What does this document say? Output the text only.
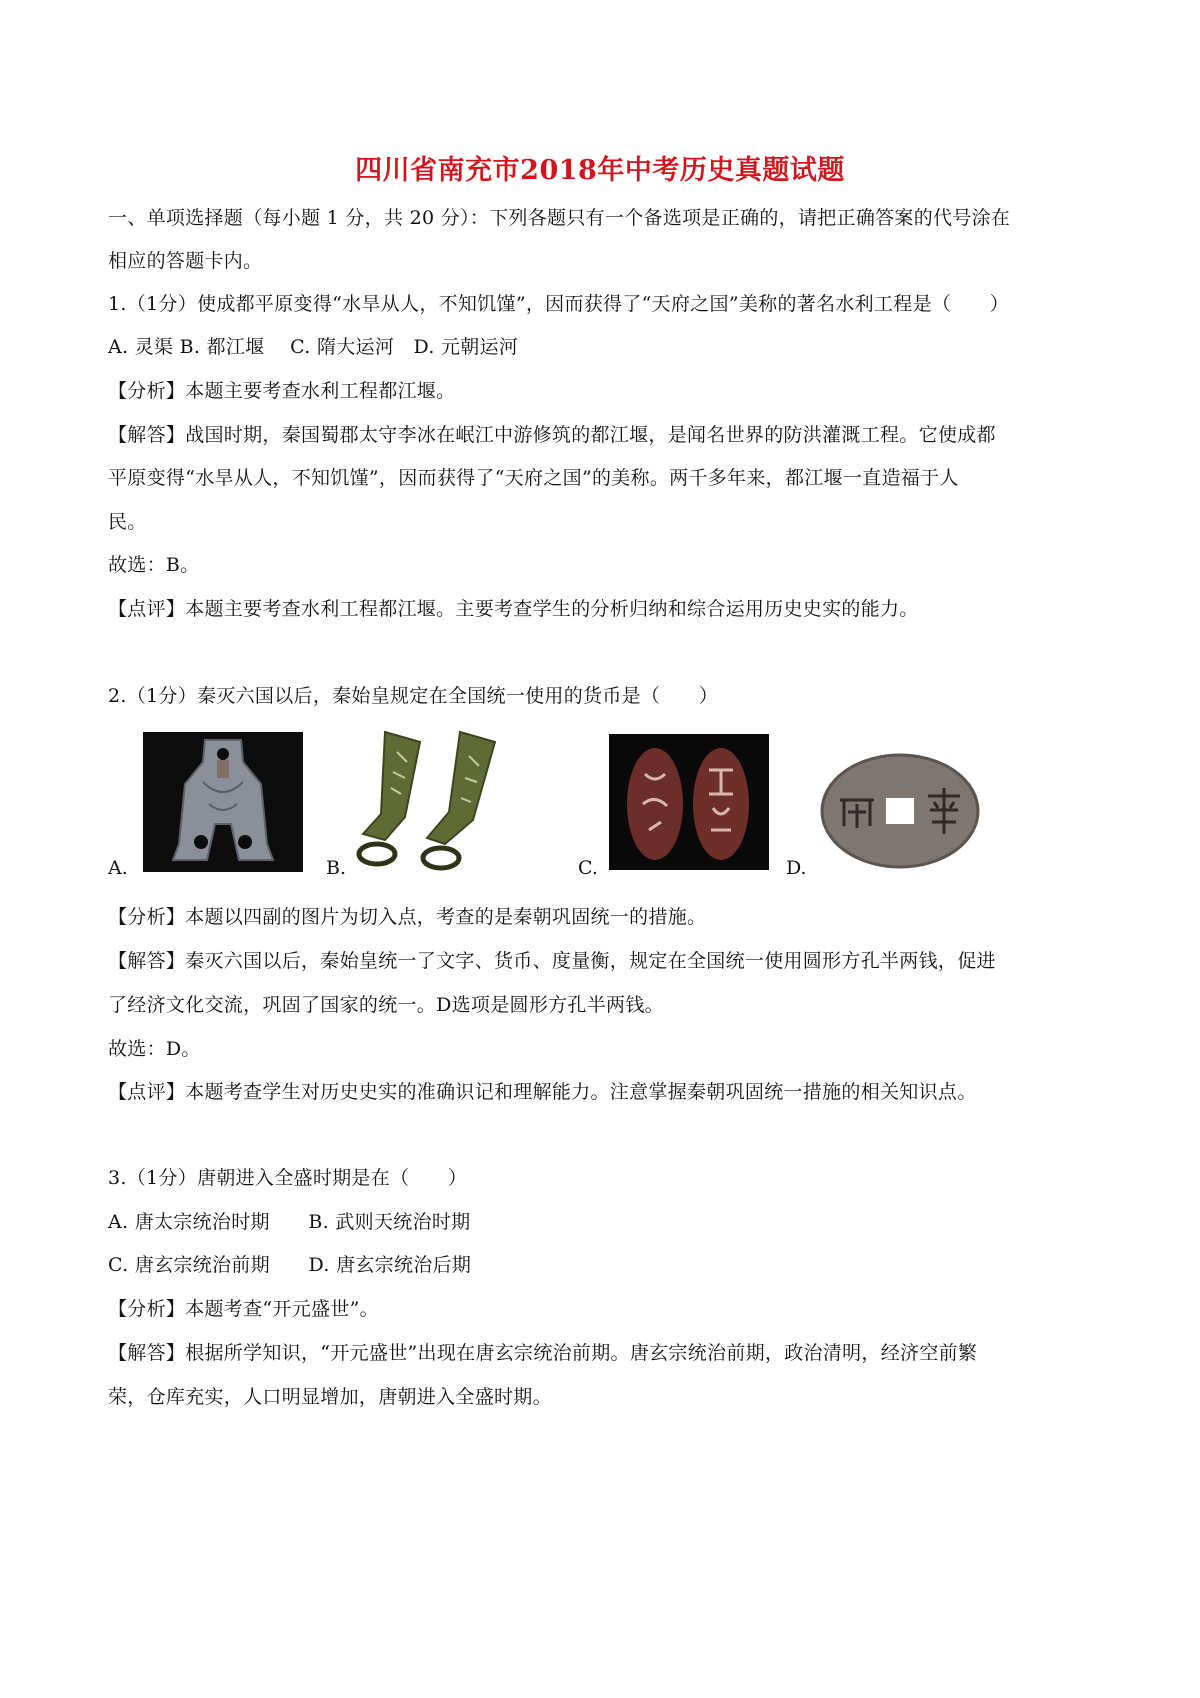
四川省南充市2018年中考历史真题试题
一、单项选择题（每小题 1 分，共 20 分）：下列各题只有一个备选项是正确的，请把正确答案的代号涂在
相应的答题卡内。
1.（1分）使成都平原变得“水旱从人，不知饥馑”，因而获得了“天府之国”美称的著名水利工程是（　　）
A. 灵渠 B. 都江堰　 C. 隋大运河　D. 元朝运河
【分析】本题主要考查水利工程都江堰。
【解答】战国时期，秦国蜀郡太守李冰在岷江中游修筑的都江堰，是闻名世界的防洪灌溉工程。它使成都
平原变得“水旱从人，不知饥馑”，因而获得了“天府之国”的美称。两千多年来，都江堰一直造福于人
民。
故选：B。
【点评】本题主要考查水利工程都江堰。主要考查学生的分析归纳和综合运用历史史实的能力。
2.（1分）秦灭六国以后，秦始皇规定在全国统一使用的货币是（　　）
A.	B.	C.	D.
【分析】本题以四副的图片为切入点，考查的是秦朝巩固统一的措施。
【解答】秦灭六国以后，秦始皇统一了文字、货币、度量衡，规定在全国统一使用圆形方孔半两钱，促进
了经济文化交流，巩固了国家的统一。D选项是圆形方孔半两钱。
故选：D。
【点评】本题考查学生对历史史实的准确识记和理解能力。注意掌握秦朝巩固统一措施的相关知识点。
3.（1分）唐朝进入全盛时期是在（　　）
A. 唐太宗统治时期　　B. 武则天统治时期
C. 唐玄宗统治前期　　D. 唐玄宗统治后期
【分析】本题考查“开元盛世”。
【解答】根据所学知识，“开元盛世”出现在唐玄宗统治前期。唐玄宗统治前期，政治清明，经济空前繁
荣，仓库充实，人口明显增加，唐朝进入全盛时期。
